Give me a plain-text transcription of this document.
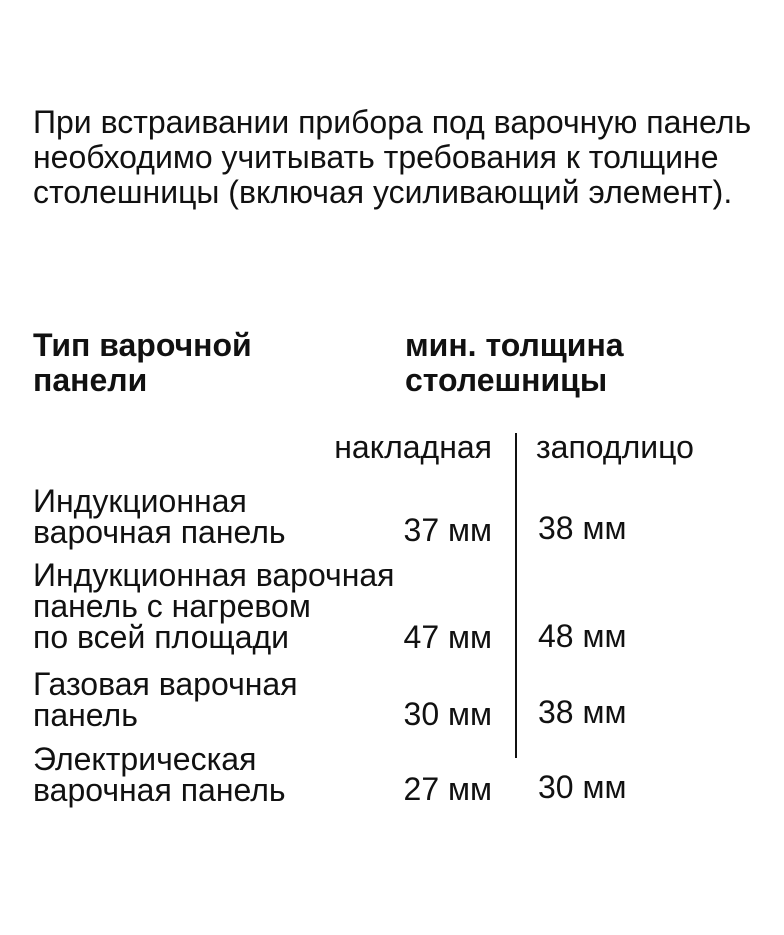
При встраивании прибора под варочную панель необходимо учитывать требования к толщине столешницы (включая усиливающий элемент).

Тип варочной панели
мин. толщина столешницы
накладная заподлицо

Индукционная
варочная панель	37 мм 38 мм

Индукционная варочная
панель с нагревом
по всей площади	47 мм 48 мм

Газовая варочная
панель	30 мм 38 мм

Электрическая
варочная панель	27 мм 30 мм
